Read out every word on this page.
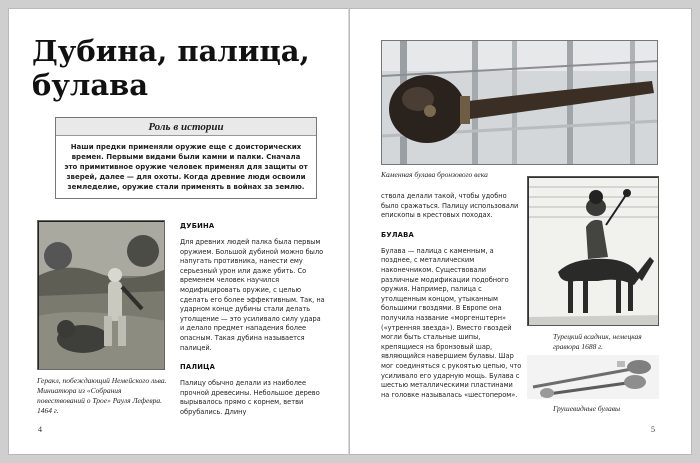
Дубина, палица, булава
Роль в истории
Наши предки применяли оружие еще с доисторических времен. Первыми видами были камни и палки. Сначала это примитивное оружие человек применял для защиты от зверей, далее — для охоты. Когда древние люди освоили земледелие, оружие стали применять в войнах за землю.
Геракл, побеждающий Немейского льва. Миниатюра из «Собрания повествований о Трое» Рауля Лефевра. 1464 г.

ДУБИНА

Для древних людей палка была первым оружием. Большой дубиной можно было напугать противника, нанести ему серьезный урон или даже убить. Со временем человек научился модифицировать оружие, с целью сделать его более эффективным. Так, на ударном конце дубины стали делать утолщение — это усиливало силу удара и делало предмет нападения более опасным. Такая дубина называется палицей.

ПАЛИЦА

Палицу обычно делали из наиболее прочной древесины. Небольшое дерево вырывалось прямо с корнем, ветви обрубались. Длину

4
Каменная булава бронзового века

ствола делали такой, чтобы удобно было сражаться. Палицу использовали епископы в крестовых походах.

БУЛАВА

Булава — палица с каменным, а позднее, с металлическим наконечником. Существовали различные модификации подобного оружия. Например, палица с утолщенным концом, утыканным большими гвоздями. В Европе она получила название «моргенштерн» («утренняя звезда»). Вместо гвоздей могли быть стальные шипы, крепящиеся на бронзовый шар, являющийся навершием булавы. Шар мог соединяться с рукоятью цепью, что усиливало его ударную мощь. Булава с шестью металлическими пластинами на головке называлась «шестопером».

Турецкий всадник, немецкая гравюра 1688 г.
Грушевидные булавы
5
